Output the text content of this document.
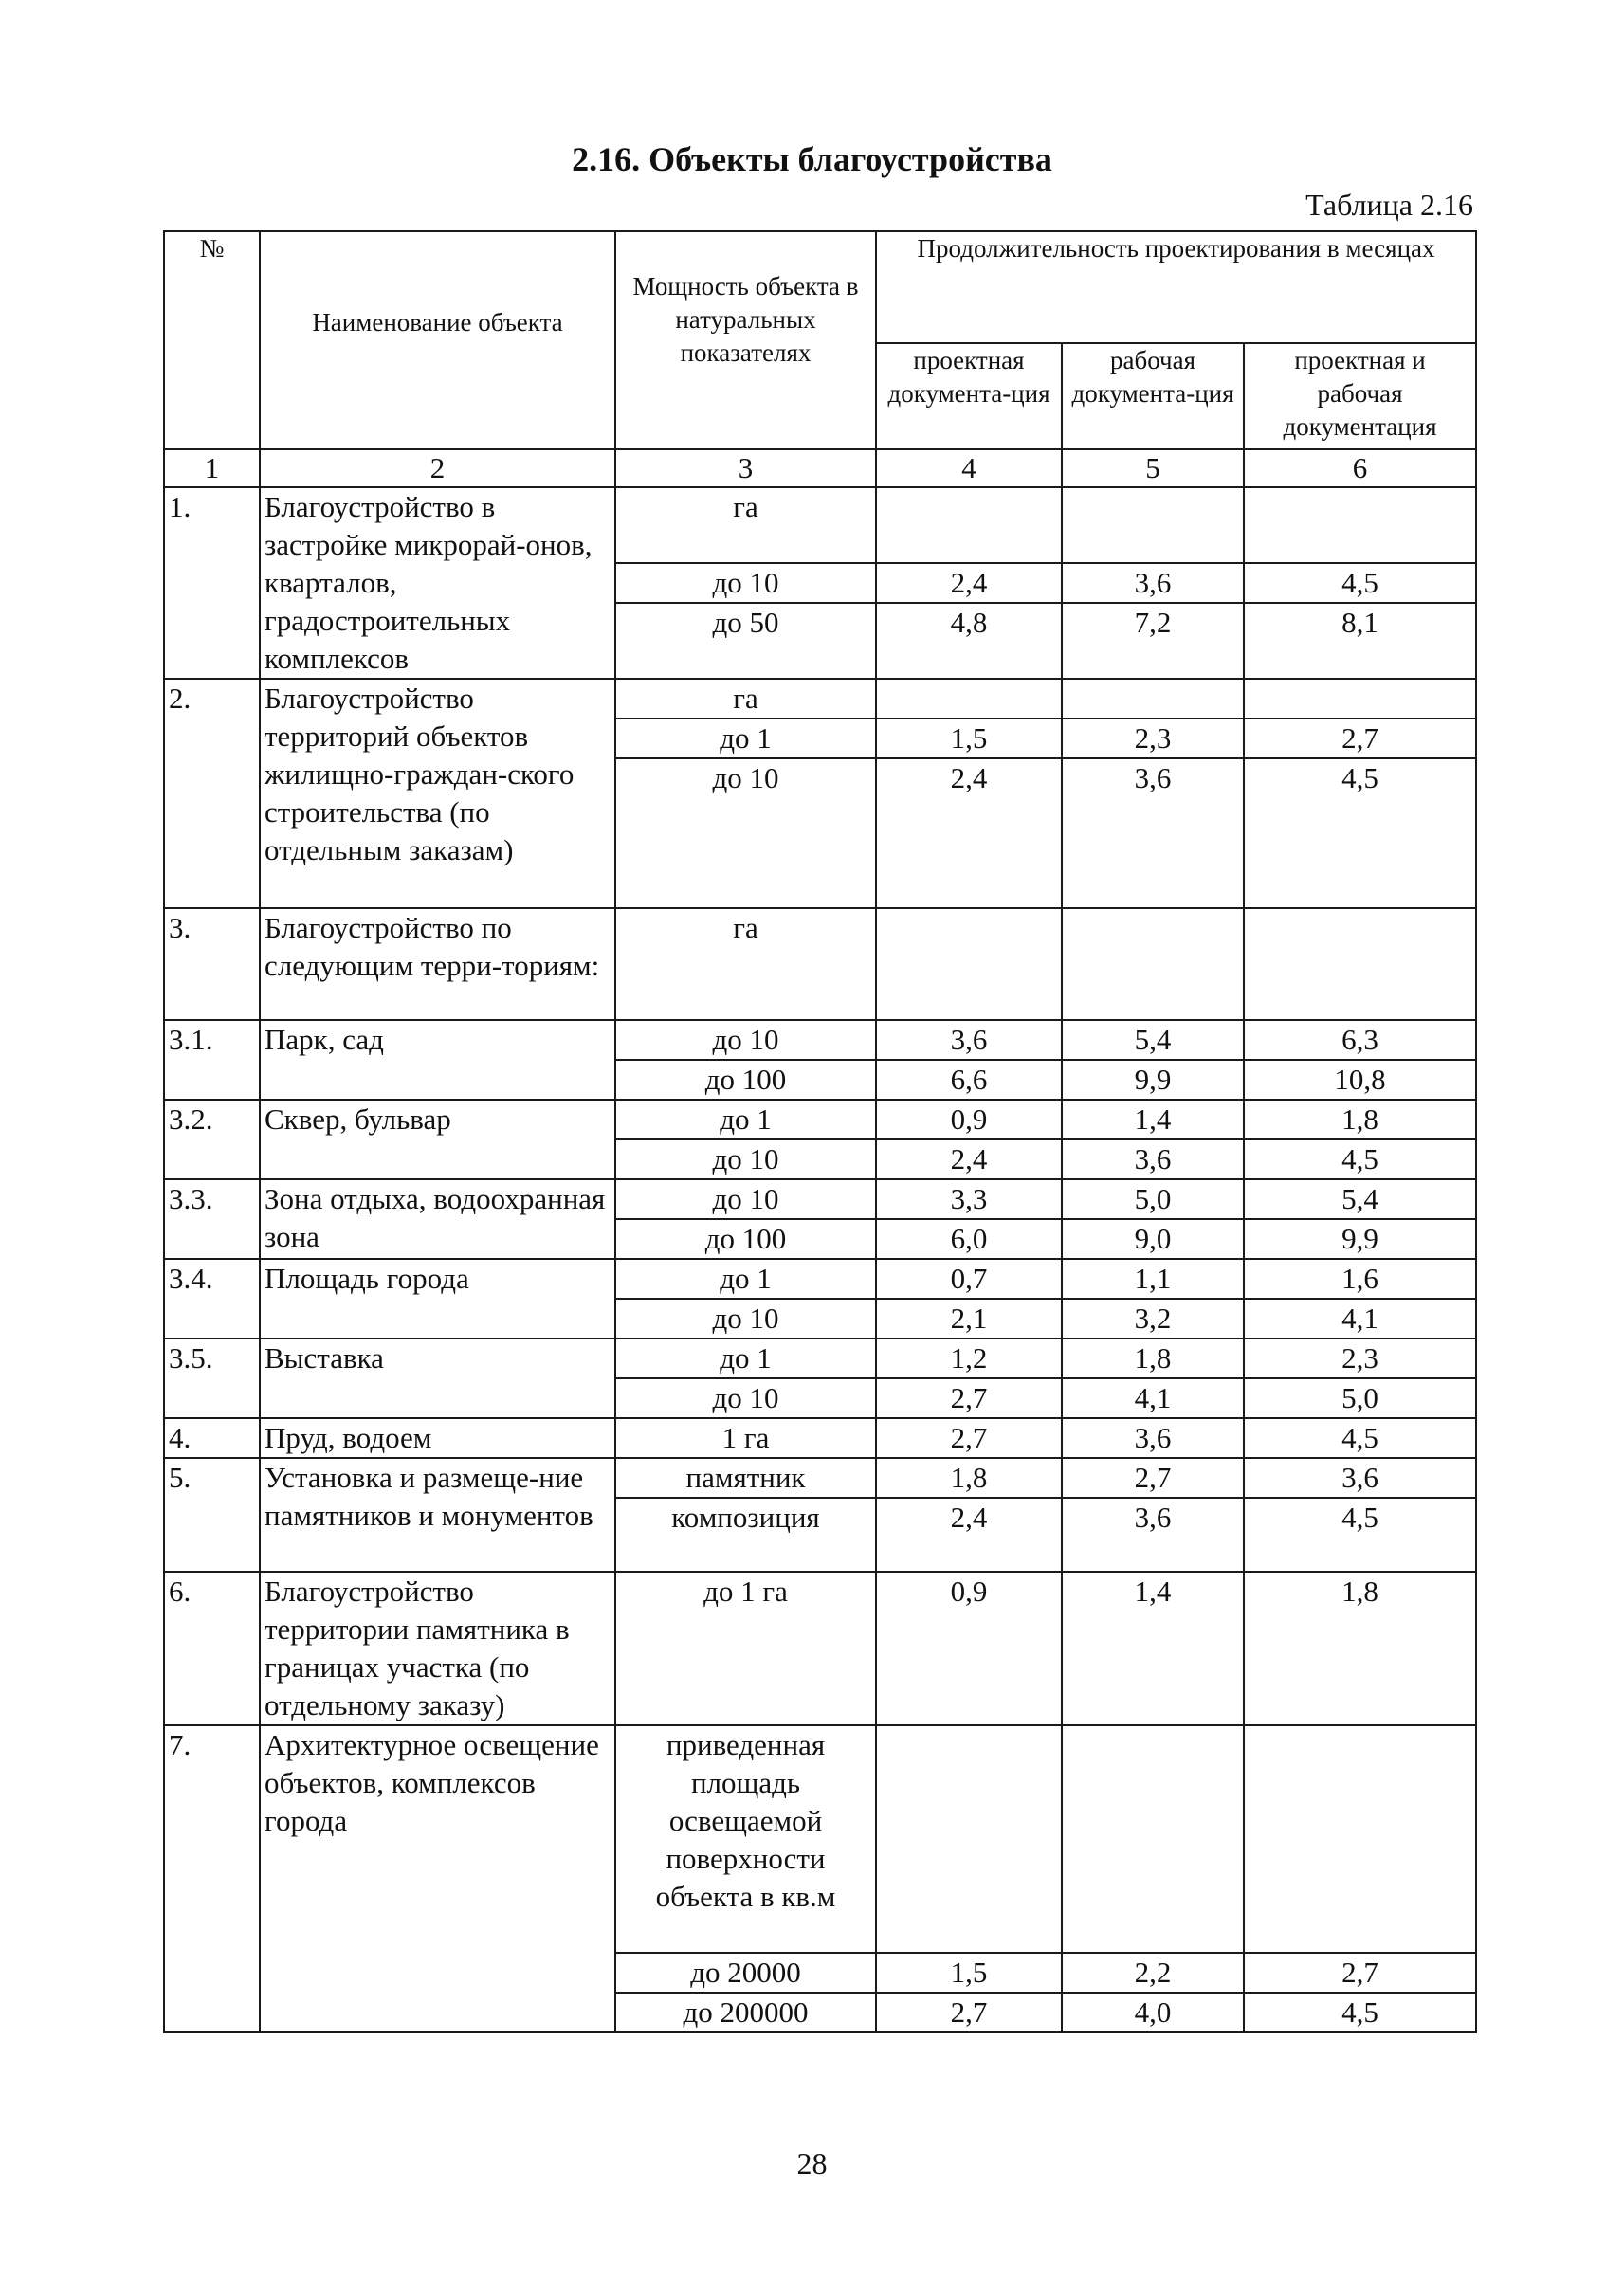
2.16. Объекты благоустройства
Таблица 2.16
№	Наименование объекта	Мощность объекта в натуральных показателях	Продолжительность проектирования в месяцах		
			проектная документа-ция	рабочая документа-ция	проектная и рабочая документация
1	2	3	4	5	6
1.	Благоустройство в застройке микрорай-онов, кварталов, градостроительных комплексов	га			
		до 10	2,4	3,6	4,5
		до 50	4,8	7,2	8,1
2.	Благоустройство территорий объектов жилищно-граждан-ского строительства (по отдельным заказам)	га			
		до 1	1,5	2,3	2,7
		до 10	2,4	3,6	4,5
3.	Благоустройство по следующим терри-ториям:	га			
3.1.	Парк, сад	до 10	3,6	5,4	6,3
		до 100	6,6	9,9	10,8
3.2.	Сквер, бульвар	до 1	0,9	1,4	1,8
		до 10	2,4	3,6	4,5
3.3.	Зона отдыха, водоохранная зона	до 10	3,3	5,0	5,4
		до 100	6,0	9,0	9,9
3.4.	Площадь города	до 1	0,7	1,1	1,6
		до 10	2,1	3,2	4,1
3.5.	Выставка	до 1	1,2	1,8	2,3
		до 10	2,7	4,1	5,0
4.	Пруд, водоем	1 га	2,7	3,6	4,5
5.	Установка и размеще-ние памятников и монументов	памятник	1,8	2,7	3,6
		композиция	2,4	3,6	4,5
6.	Благоустройство территории памятника в границах участка (по отдельному заказу)	до 1 га	0,9	1,4	1,8
7.	Архитектурное освещение объектов, комплексов города	приведенная площадь освещаемой поверхности объекта в кв.м			
		до 20000	1,5	2,2	2,7
		до 200000	2,7	4,0	4,5
28
